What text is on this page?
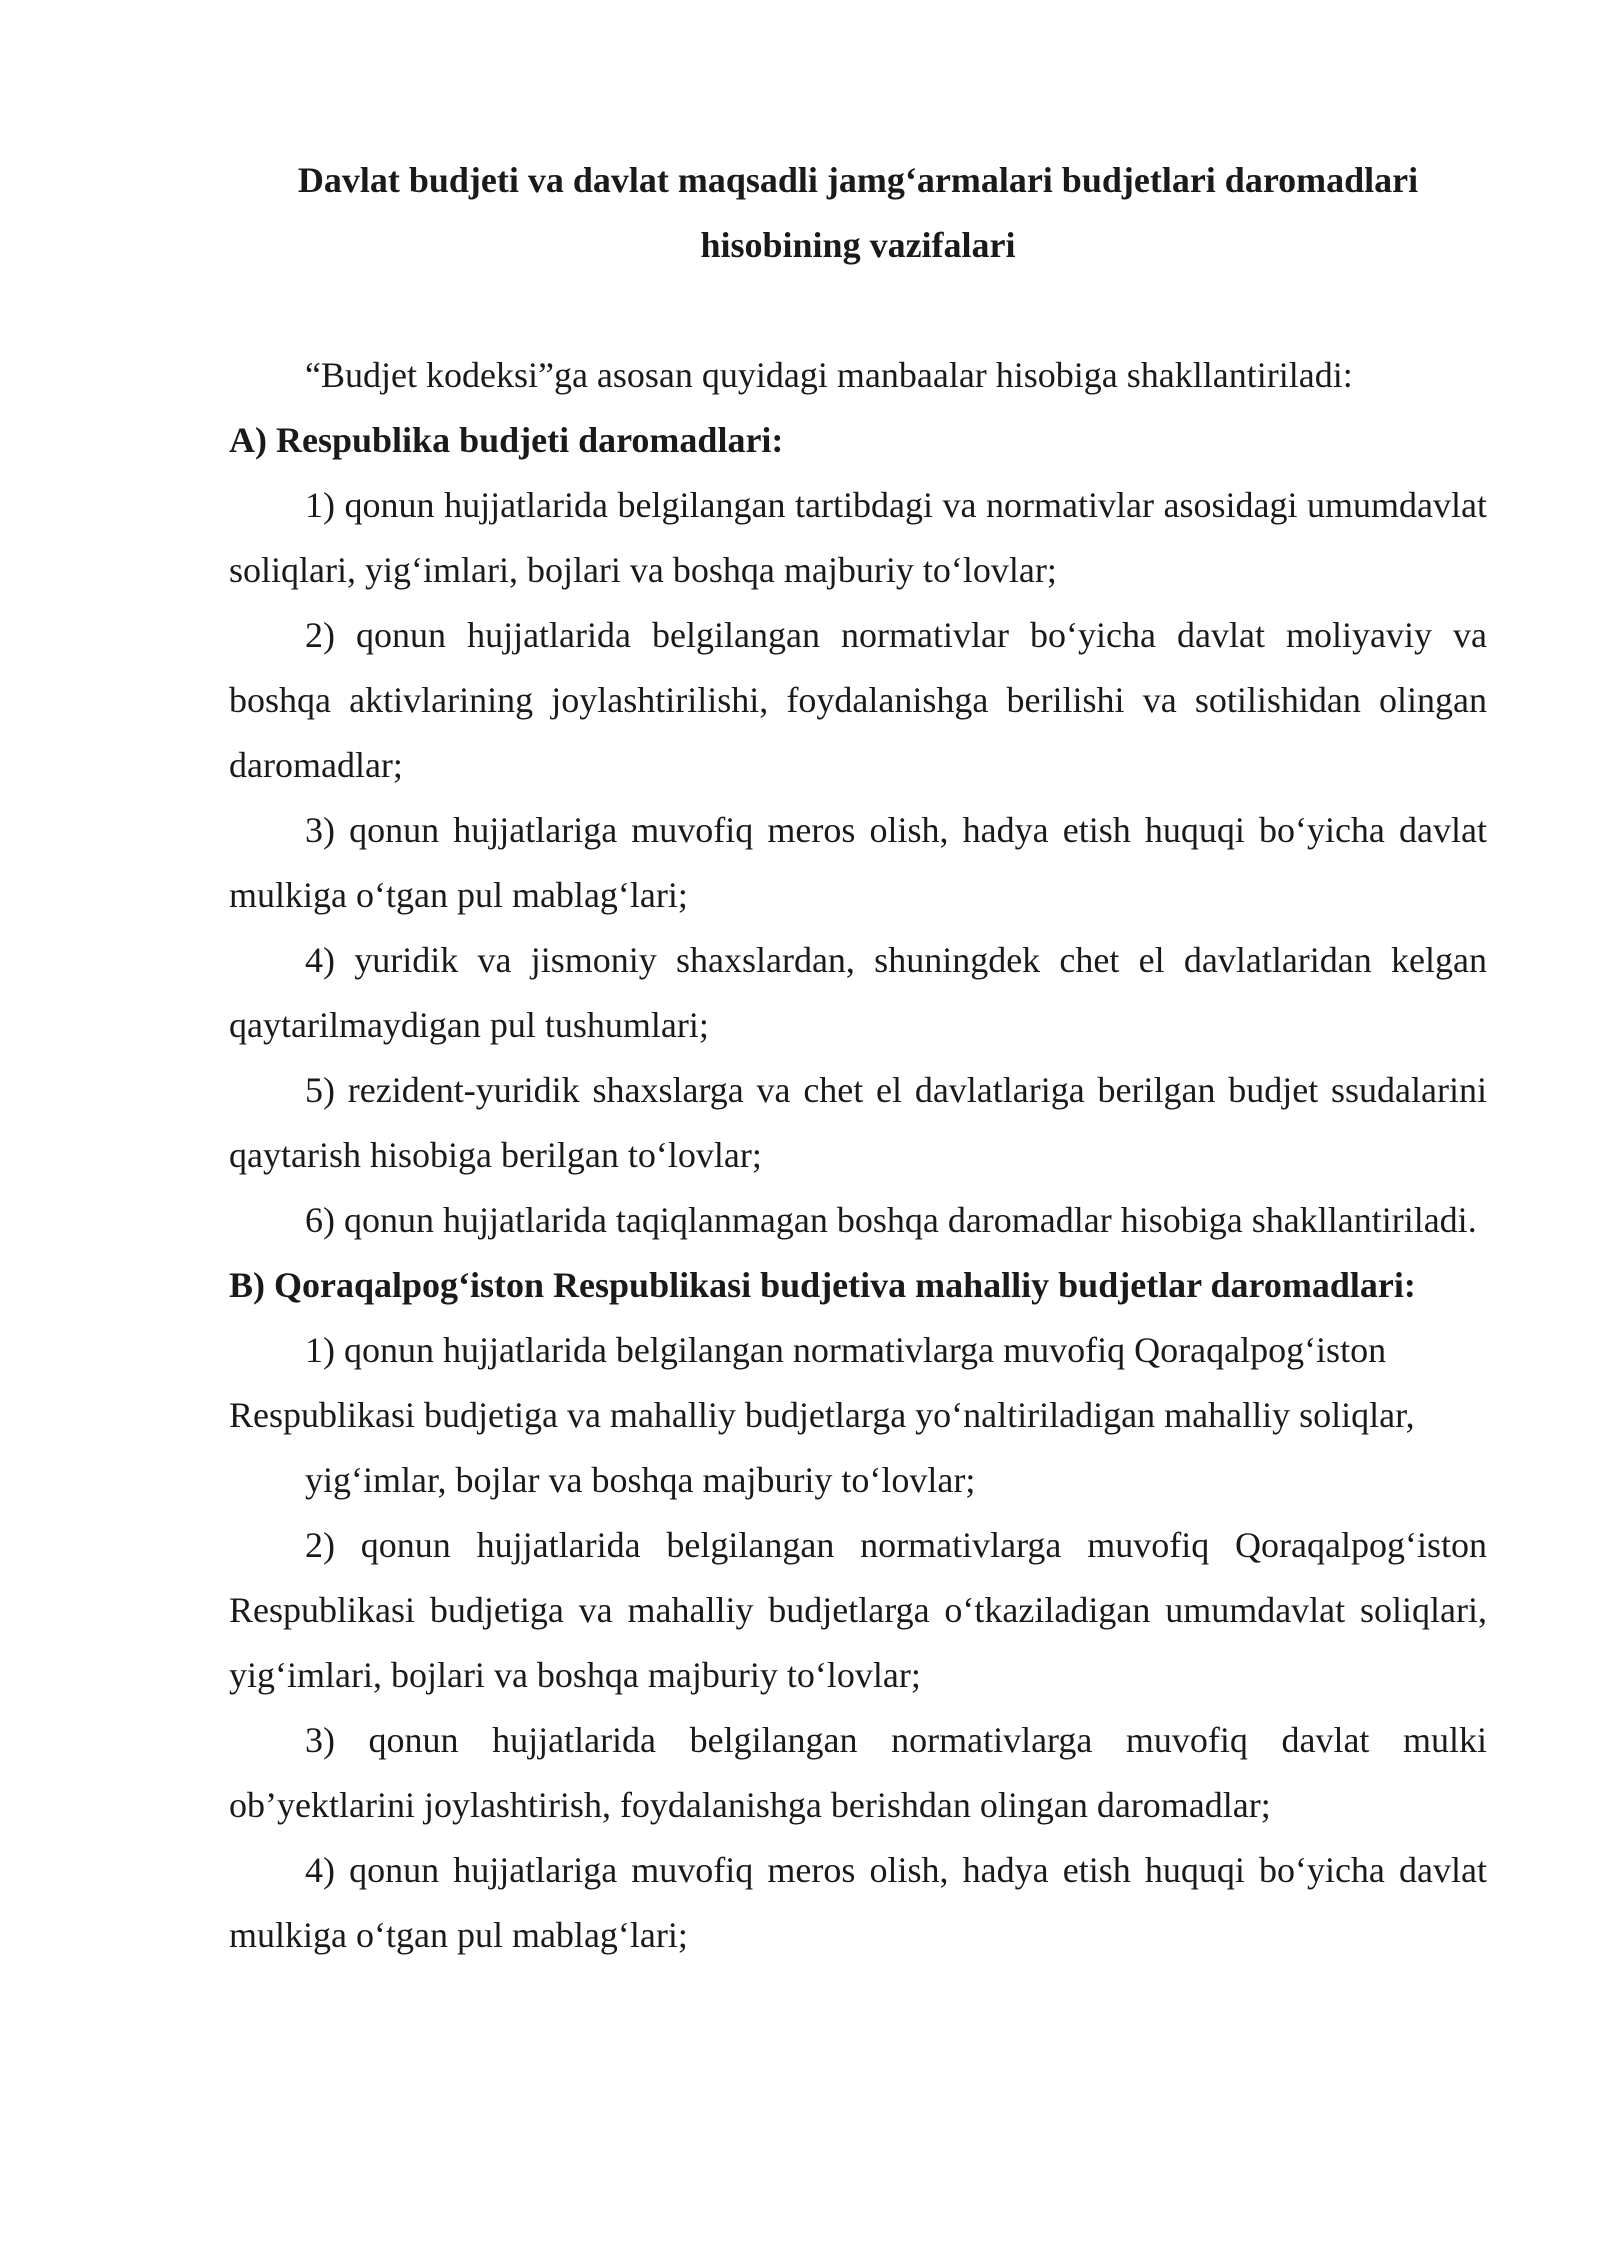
Davlat budjeti va davlat maqsadli jamg‘armalari budjetlari daromadlari

hisobining vazifalari

“Budjet kodeksi”ga asosan quyidagi manbaalar hisobiga shakllantiriladi:

A) Respublika budjeti daromadlari:

1) qonun hujjatlarida belgilangan tartibdagi va normativlar asosidagi umumdavlat soliqlari, yig‘imlari, bojlari va boshqa majburiy to‘lovlar;

2) qonun hujjatlarida belgilangan normativlar bo‘yicha davlat moliyaviy va boshqa aktivlarining joylashtirilishi, foydalanishga berilishi va sotilishidan olingan daromadlar;

3) qonun hujjatlariga muvofiq meros olish, hadya etish huquqi bo‘yicha davlat mulkiga o‘tgan pul mablag‘lari;

4) yuridik va jismoniy shaxslardan, shuningdek chet el davlatlaridan kelgan qaytarilmaydigan pul tushumlari;

5) rezident-yuridik shaxslarga va chet el davlatlariga berilgan budjet ssudalarini qaytarish hisobiga berilgan to‘lovlar;

6) qonun hujjatlarida taqiqlanmagan boshqa daromadlar hisobiga shakllantiriladi.

B) Qoraqalpog‘iston Respublikasi budjetiva mahalliy budjetlar daromadlari:

1) qonun hujjatlarida belgilangan normativlarga muvofiq Qoraqalpog‘iston Respublikasi budjetiga va mahalliy budjetlarga yo‘naltiriladigan mahalliy soliqlar,

yig‘imlar, bojlar va boshqa majburiy to‘lovlar;

2) qonun hujjatlarida belgilangan normativlarga muvofiq Qoraqalpog‘iston Respublikasi budjetiga va mahalliy budjetlarga o‘tkaziladigan umumdavlat soliqlari, yig‘imlari, bojlari va boshqa majburiy to‘lovlar;

3) qonun hujjatlarida belgilangan normativlarga muvofiq davlat mulki ob’yektlarini joylashtirish, foydalanishga berishdan olingan daromadlar;

4) qonun hujjatlariga muvofiq meros olish, hadya etish huquqi bo‘yicha davlat mulkiga o‘tgan pul mablag‘lari;
